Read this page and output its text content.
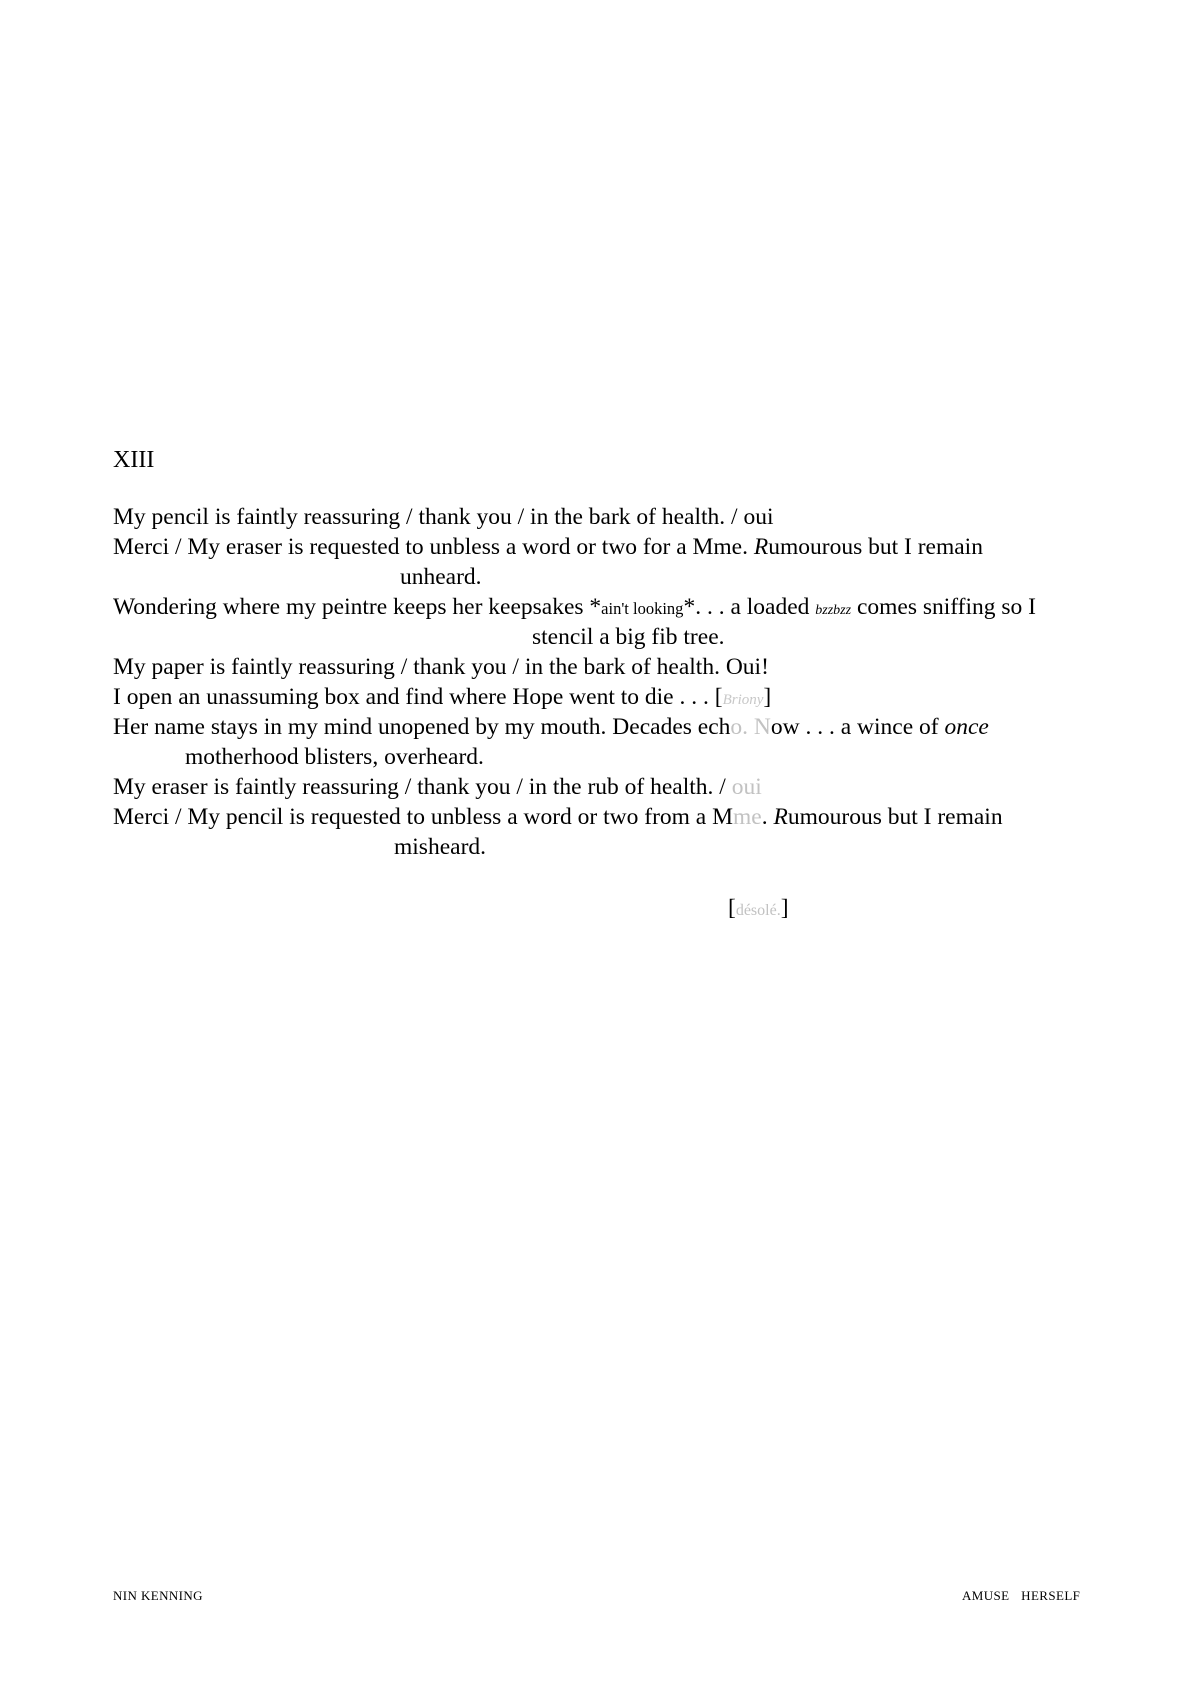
XIII
My pencil is faintly reassuring / thank you / in the bark of health. / oui
Merci / My eraser is requested to unbless a word or two for a Mme. Rumourous but I remain
unheard.
Wondering where my peintre keeps her keepsakes *ain't looking*. . . a loaded bzzbzz comes sniffing so I
stencil a big fib tree.
My paper is faintly reassuring / thank you / in the bark of health. Oui!
I open an unassuming box and find where Hope went to die . . . [Briony]
Her name stays in my mind unopened by my mouth. Decades echo. Now . . . a wince of once
motherhood blisters, overheard.
My eraser is faintly reassuring / thank you / in the rub of health. / oui
Merci / My pencil is requested to unbless a word or two from a Mme. Rumourous but I remain
misheard.
[désolé.]
NIN KENNING	AMUSE HERSELF
